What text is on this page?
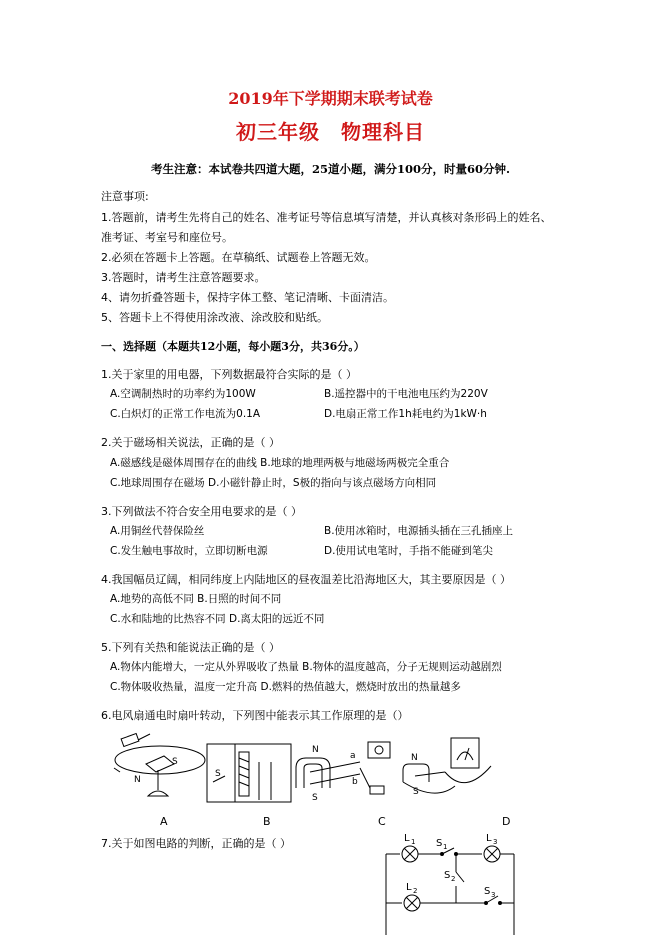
2019年下学期期末联考试卷
初三年级　物理科目
考生注意：本试卷共四道大题，25道小题，满分100分，时量60分钟.
注意事项:
1.答题前，请考生先将自己的姓名、准考证号等信息填写清楚，并认真核对条形码上的姓名、
准考证、考室号和座位号。
2.必须在答题卡上答题。在草稿纸、试题卷上答题无效。
3.答题时，请考生注意答题要求。
4、请勿折叠答题卡，保持字体工整、笔记清晰、卡面清洁。
5、答题卡上不得使用涂改液、涂改胶和贴纸。
一、选择题（本题共12小题，每小题3分，共36分。）
1.关于家里的用电器，下列数据最符合实际的是（ ）
A.空调制热时的功率约为100W	B.遥控器中的干电池电压约为220V
C.白炽灯的正常工作电流为0.1A	D.电扇正常工作1h耗电约为1kW·h
2.关于磁场相关说法，正确的是（ ）
A.磁感线是磁体周围存在的曲线 B.地球的地理两极与地磁场两极完全重合
C.地球周围存在磁场 D.小磁针静止时，S极的指向与该点磁场方向相同
3.下列做法不符合安全用电要求的是（ ）
A.用铜丝代替保险丝	B.使用冰箱时，电源插头插在三孔插座上
C.发生触电事故时，立即切断电源	D.使用试电笔时，手指不能碰到笔尖
4.我国幅员辽阔，相同纬度上内陆地区的昼夜温差比沿海地区大，其主要原因是（ ）
A.地势的高低不同 B.日照的时间不同
C.水和陆地的比热容不同 D.离太阳的远近不同
5.下列有关热和能说法正确的是（ ）
A.物体内能增大，一定从外界吸收了热量 B.物体的温度越高，分子无规则运动越剧烈
C.物体吸收热量，温度一定升高 D.燃料的热值越大，燃烧时放出的热量越多
6.电风扇通电时扇叶转动，下列图中能表示其工作原理的是（）
N
S
S
N
S
a
b
N
S
A	B	C	D
7.关于如图电路的判断，正确的是（ ）	L 1 S 1
L 3
S 2
L 2	S 3
